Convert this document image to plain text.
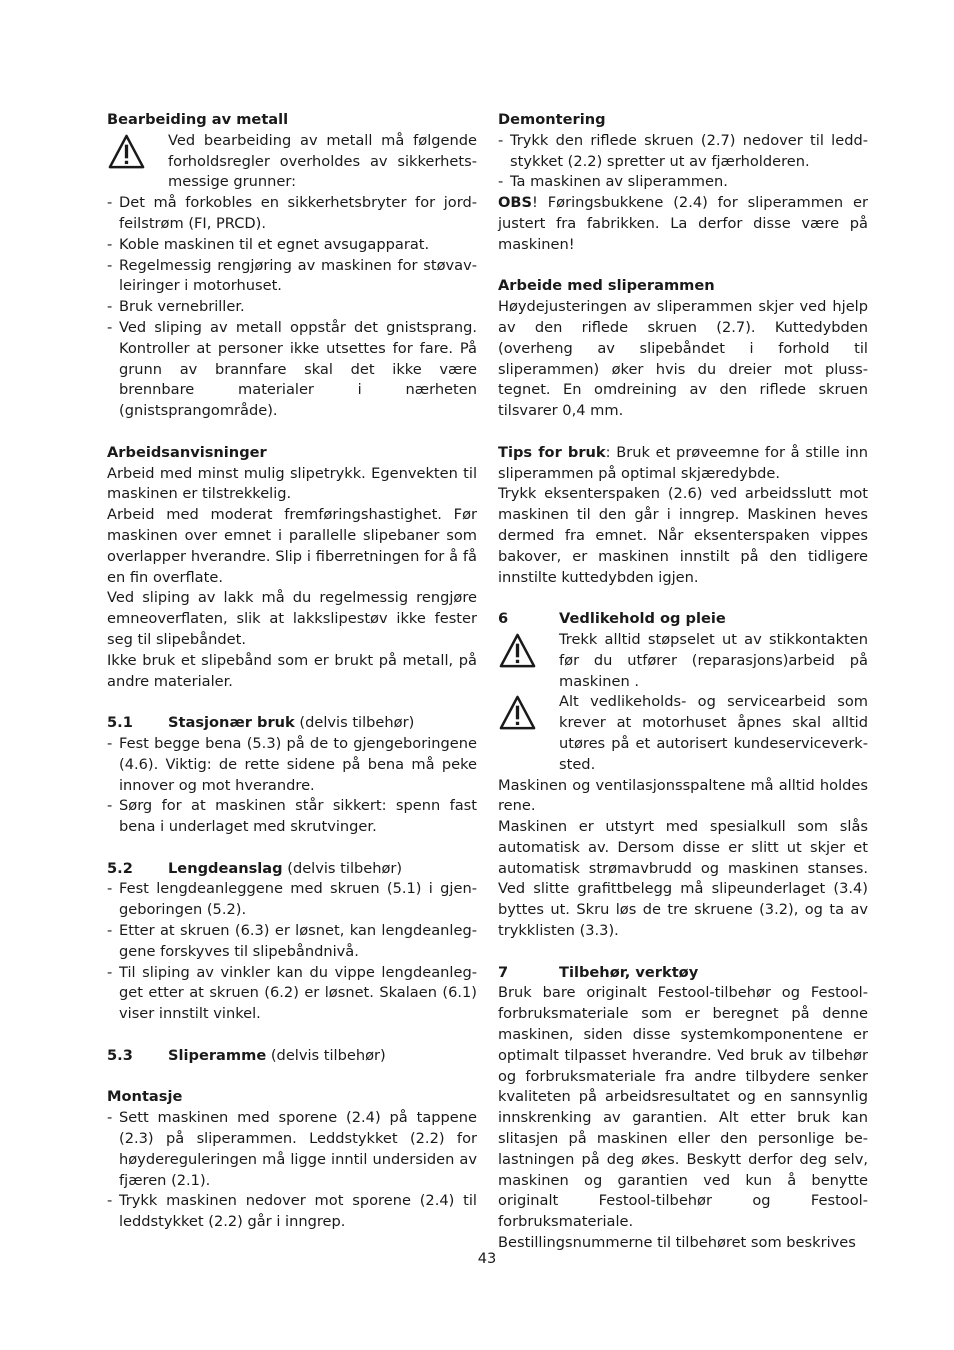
Bearbeiding av metall

Ved bearbeiding av metall må følgende forholdsregler overholdes av sikkerhetsmessige grunner:

- Det må forkobles en sikkerhetsbryter for jordfeilstrøm (FI, PRCD).
- Koble maskinen til et egnet avsugapparat.
- Regelmessig rengjøring av maskinen for støvavleiringer i motorhuset.
- Bruk vernebriller.
- Ved sliping av metall oppstår det gnistsprang. Kontroller at personer ikke utsettes for fare. På grunn av brannfare skal det ikke være brennbare materialer i nærheten (gnistsprangområde).

Arbeidsanvisninger

Arbeid med minst mulig slipetrykk. Egenvekten til maskinen er tilstrekkelig.

Arbeid med moderat fremføringshastighet. Før maskinen over emnet i parallelle slipebaner som overlapper hverandre. Slip i fiberretningen for å få en fin overflate.

Ved sliping av lakk må du regelmessig rengjøre emneoverflaten, slik at lakkslipestøv ikke fester seg til slipebåndet.

Ikke bruk et slipebånd som er brukt på metall, på andre materialer.

5.1	Stasjonær bruk (delvis tilbehør)
- Fest begge bena (5.3) på de to gjengeboringene (4.6). Viktig: de rette sidene på bena må peke innover og mot hverandre.
- Sørg for at maskinen står sikkert: spenn fast bena i underlaget med skrutvinger.
5.2	Lengdeanslag (delvis tilbehør)
- Fest lengdeanleggene med skruen (5.1) i gjengeboringen (5.2).
- Etter at skruen (6.3) er løsnet, kan lengdeanleggene forskyves til slipebåndnivå.
- Til sliping av vinkler kan du vippe lengdeanlegget etter at skruen (6.2) er løsnet. Skalaen (6.1) viser innstilt vinkel.
5.3	Sliperamme (delvis tilbehør)

Montasje

- Sett maskinen med sporene (2.4) på tappene (2.3) på sliperammen. Leddstykket (2.2) for høydereguleringen må ligge inntil undersiden av fjæren (2.1).
- Trykk maskinen nedover mot sporene (2.4) til leddstykket (2.2) går i inngrep.

Demontering

- Trykk den riflede skruen (2.7) nedover til leddstykket (2.2) spretter ut av fjærholderen.
- Ta maskinen av sliperammen.

OBS! Føringsbukkene (2.4) for sliperammen er justert fra fabrikken. La derfor disse være på maskinen!

Arbeide med sliperammen

Høydejusteringen av sliperammen skjer ved hjelp av den riflede skruen (2.7). Kuttedybden (overheng av slipebåndet i forhold til sliperammen) øker hvis du dreier mot pluss-tegnet. En omdreining av den riflede skruen tilsvarer 0,4 mm.

Tips for bruk: Bruk et prøveemne for å stille inn sliperammen på optimal skjæredybde.

Trykk eksenterspaken (2.6) ved arbeidsslutt mot maskinen til den går i inngrep. Maskinen heves dermed fra emnet. Når eksenterspaken vippes bakover, er maskinen innstilt på den tidligere innstilte kuttedybden igjen.

6	Vedlikehold og pleie

Trekk alltid støpselet ut av stikkontakten før du utfører (reparasjons)arbeid på maskinen .

Alt vedlikeholds- og servicearbeid som krever at motorhuset åpnes skal alltid utøres på et autorisert kundeserviceverksted.

Maskinen og ventilasjonsspaltene må alltid holdes rene.

Maskinen er utstyrt med spesialkull som slås automatisk av. Dersom disse er slitt ut skjer et automatisk strømavbrudd og maskinen stanses. Ved slitte grafittbelegg må slipeunderlaget (3.4) byttes ut. Skru løs de tre skruene (3.2), og ta av trykklisten (3.3).

7	Tilbehør, verktøy

Bruk bare originalt Festool-tilbehør og Festool-forbruksmateriale som er beregnet på denne maskinen, siden disse systemkomponentene er optimalt tilpasset hverandre. Ved bruk av tilbehør og forbruksmateriale fra andre tilbydere senker kvaliteten på arbeidsresultatet og en sannsynlig innskrenking av garantien. Alt etter bruk kan slitasjen på maskinen eller den personlige belastningen på deg økes. Beskytt derfor deg selv, maskinen og garantien ved kun å benytte originalt Festool-tilbehør og Festool-forbruksmateriale.

Bestillingsnummerne til tilbehøret som beskrives

43
